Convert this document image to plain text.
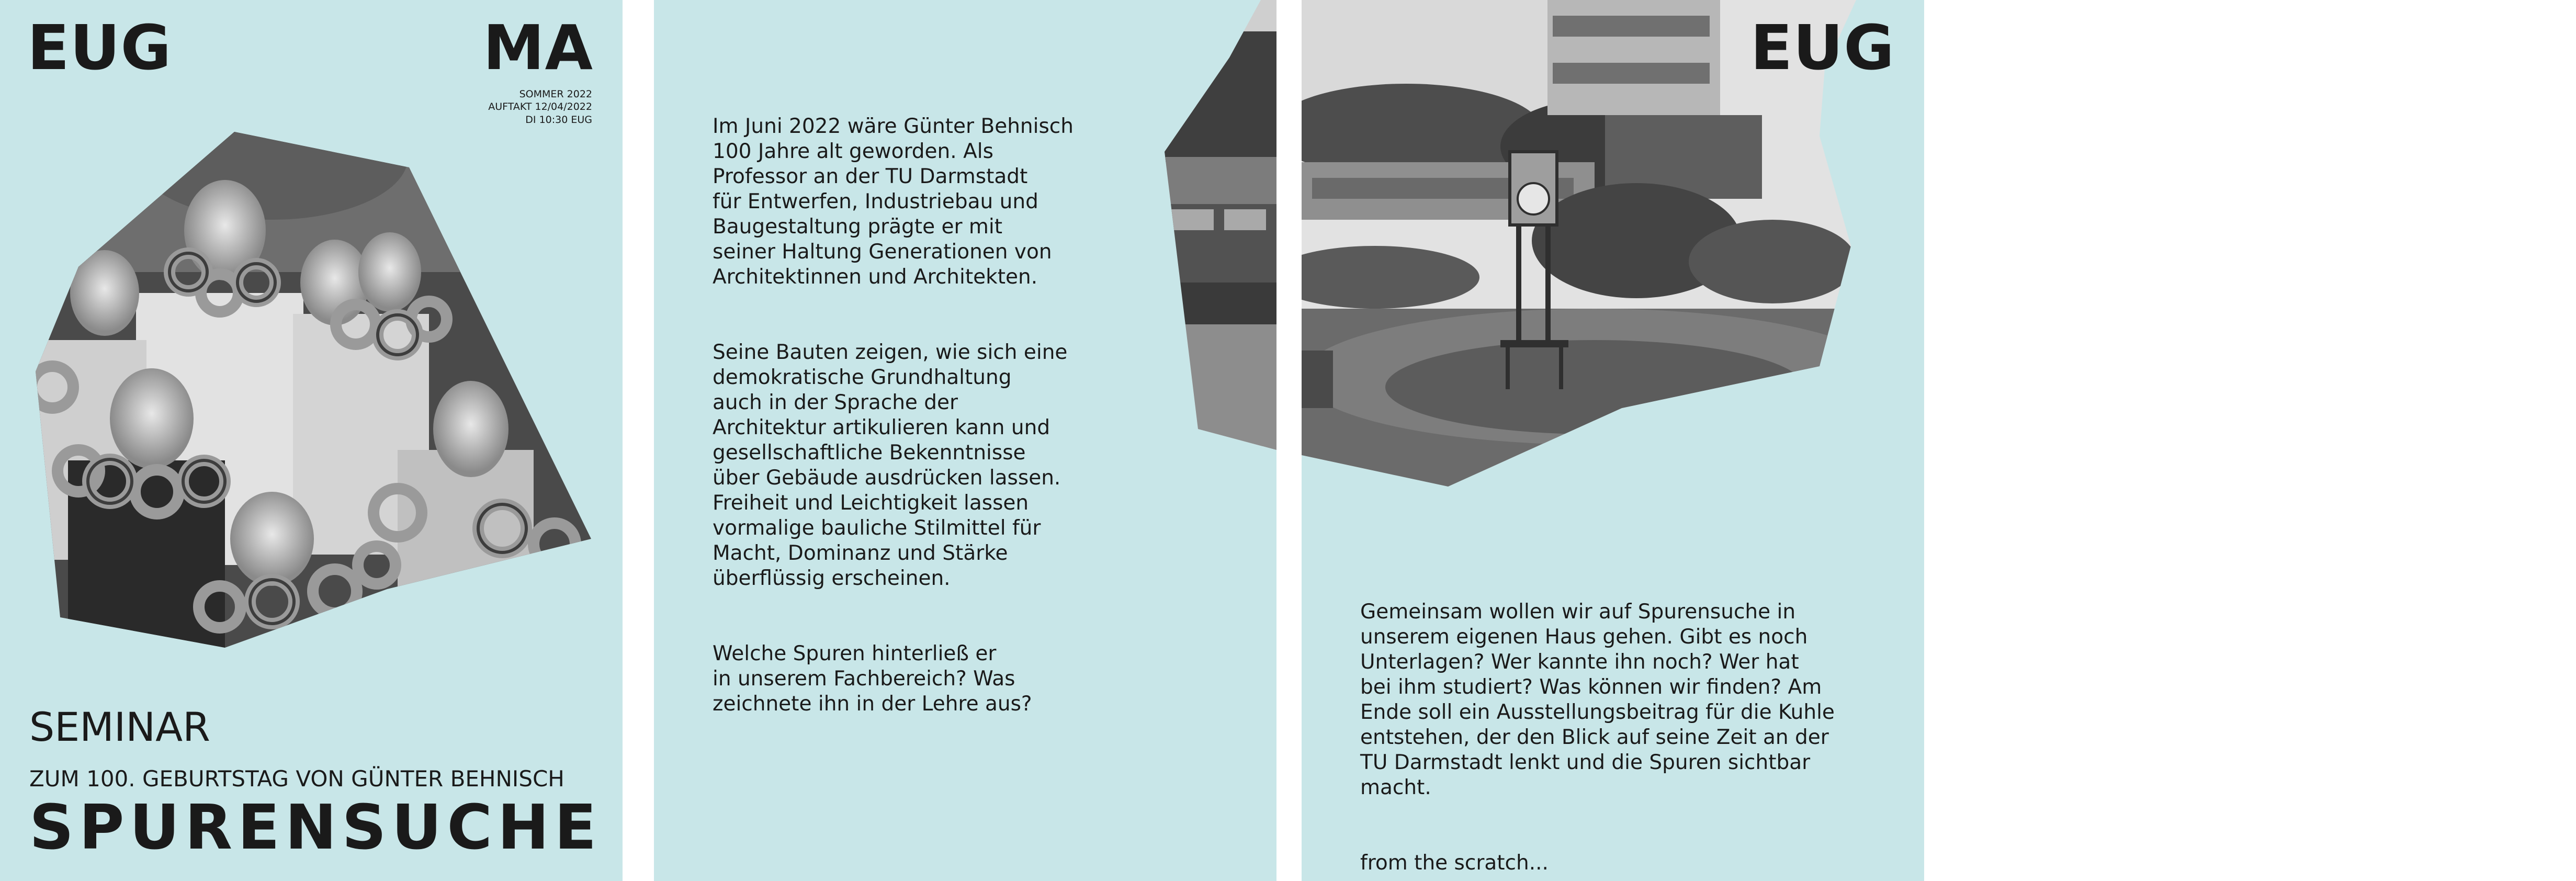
EUG	MA
SOMMER 2022
AUFTAKT 12/04/2022
DI 10:30 EUG
SEMINAR
ZUM 100. GEBURTSTAG VON GÜNTER BEHNISCH
SPURENSUCHE

Im Juni 2022 wäre Günter Behnisch
100 Jahre alt geworden. Als
Professor an der TU Darmstadt
für Entwerfen, Industriebau und
Baugestaltung prägte er mit
seiner Haltung Generationen von
Architektinnen und Architekten.

Seine Bauten zeigen, wie sich eine
demokratische Grundhaltung
auch in der Sprache der
Architektur artikulieren kann und
gesellschaftliche Bekenntnisse
über Gebäude ausdrücken lassen.
Freiheit und Leichtigkeit lassen
vormalige bauliche Stilmittel für
Macht, Dominanz und Stärke
überflüssig erscheinen.

Welche Spuren hinterließ er
in unserem Fachbereich? Was
zeichnete ihn in der Lehre aus?

EUG

Gemeinsam wollen wir auf Spurensuche in
unserem eigenen Haus gehen. Gibt es noch
Unterlagen? Wer kannte ihn noch? Wer hat
bei ihm studiert? Was können wir finden? Am
Ende soll ein Ausstellungsbeitrag für die Kuhle
entstehen, der den Blick auf seine Zeit an der
TU Darmstadt lenkt und die Spuren sichtbar
macht.

from the scratch...
